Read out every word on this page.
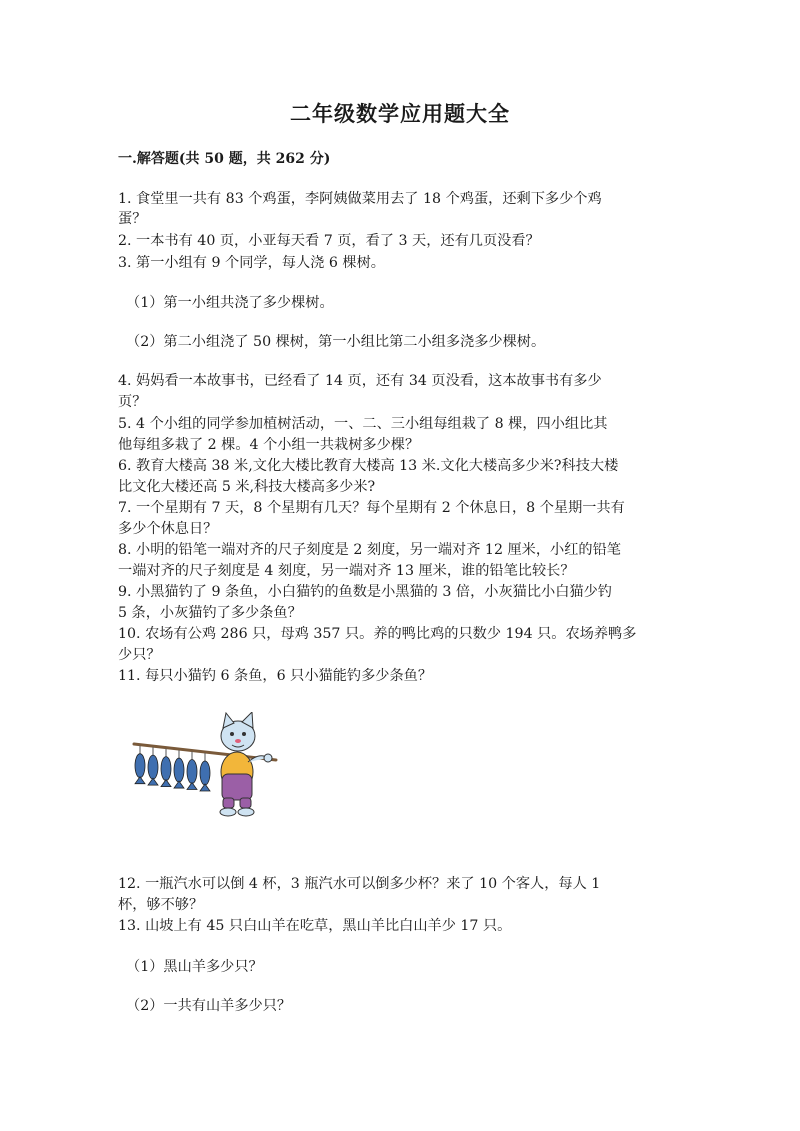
二年级数学应用题大全
一.解答题(共 50 题，共 262 分)
1. 食堂里一共有 83 个鸡蛋，李阿姨做菜用去了 18 个鸡蛋，还剩下多少个鸡
蛋？
2. 一本书有 40 页，小亚每天看 7 页，看了 3 天，还有几页没看？
3. 第一小组有 9 个同学，每人浇 6 棵树。
（1）第一小组共浇了多少棵树。
（2）第二小组浇了 50 棵树，第一小组比第二小组多浇多少棵树。
4. 妈妈看一本故事书，已经看了 14 页，还有 34 页没看，这本故事书有多少
页？
5. 4 个小组的同学参加植树活动，一、二、三小组每组栽了 8 棵，四小组比其
他每组多栽了 2 棵。4 个小组一共栽树多少棵？
6. 教育大楼高 38 米,文化大楼比教育大楼高 13 米.文化大楼高多少米?科技大楼
比文化大楼还高 5 米,科技大楼高多少米?
7. 一个星期有 7 天，8 个星期有几天？每个星期有 2 个休息日，8 个星期一共有
多少个休息日？
8. 小明的铅笔一端对齐的尺子刻度是 2 刻度，另一端对齐 12 厘米，小红的铅笔
一端对齐的尺子刻度是 4 刻度，另一端对齐 13 厘米，谁的铅笔比较长？
9. 小黑猫钓了 9 条鱼，小白猫钓的鱼数是小黑猫的 3 倍，小灰猫比小白猫少钓
5 条，小灰猫钓了多少条鱼？
10. 农场有公鸡 286 只，母鸡 357 只。养的鸭比鸡的只数少 194 只。农场养鸭多
少只？
11. 每只小猫钓 6 条鱼，6 只小猫能钓多少条鱼？
12. 一瓶汽水可以倒 4 杯，3 瓶汽水可以倒多少杯？来了 10 个客人，每人 1
杯，够不够？
13. 山坡上有 45 只白山羊在吃草，黑山羊比白山羊少 17 只。
（1）黑山羊多少只？
（2）一共有山羊多少只？
